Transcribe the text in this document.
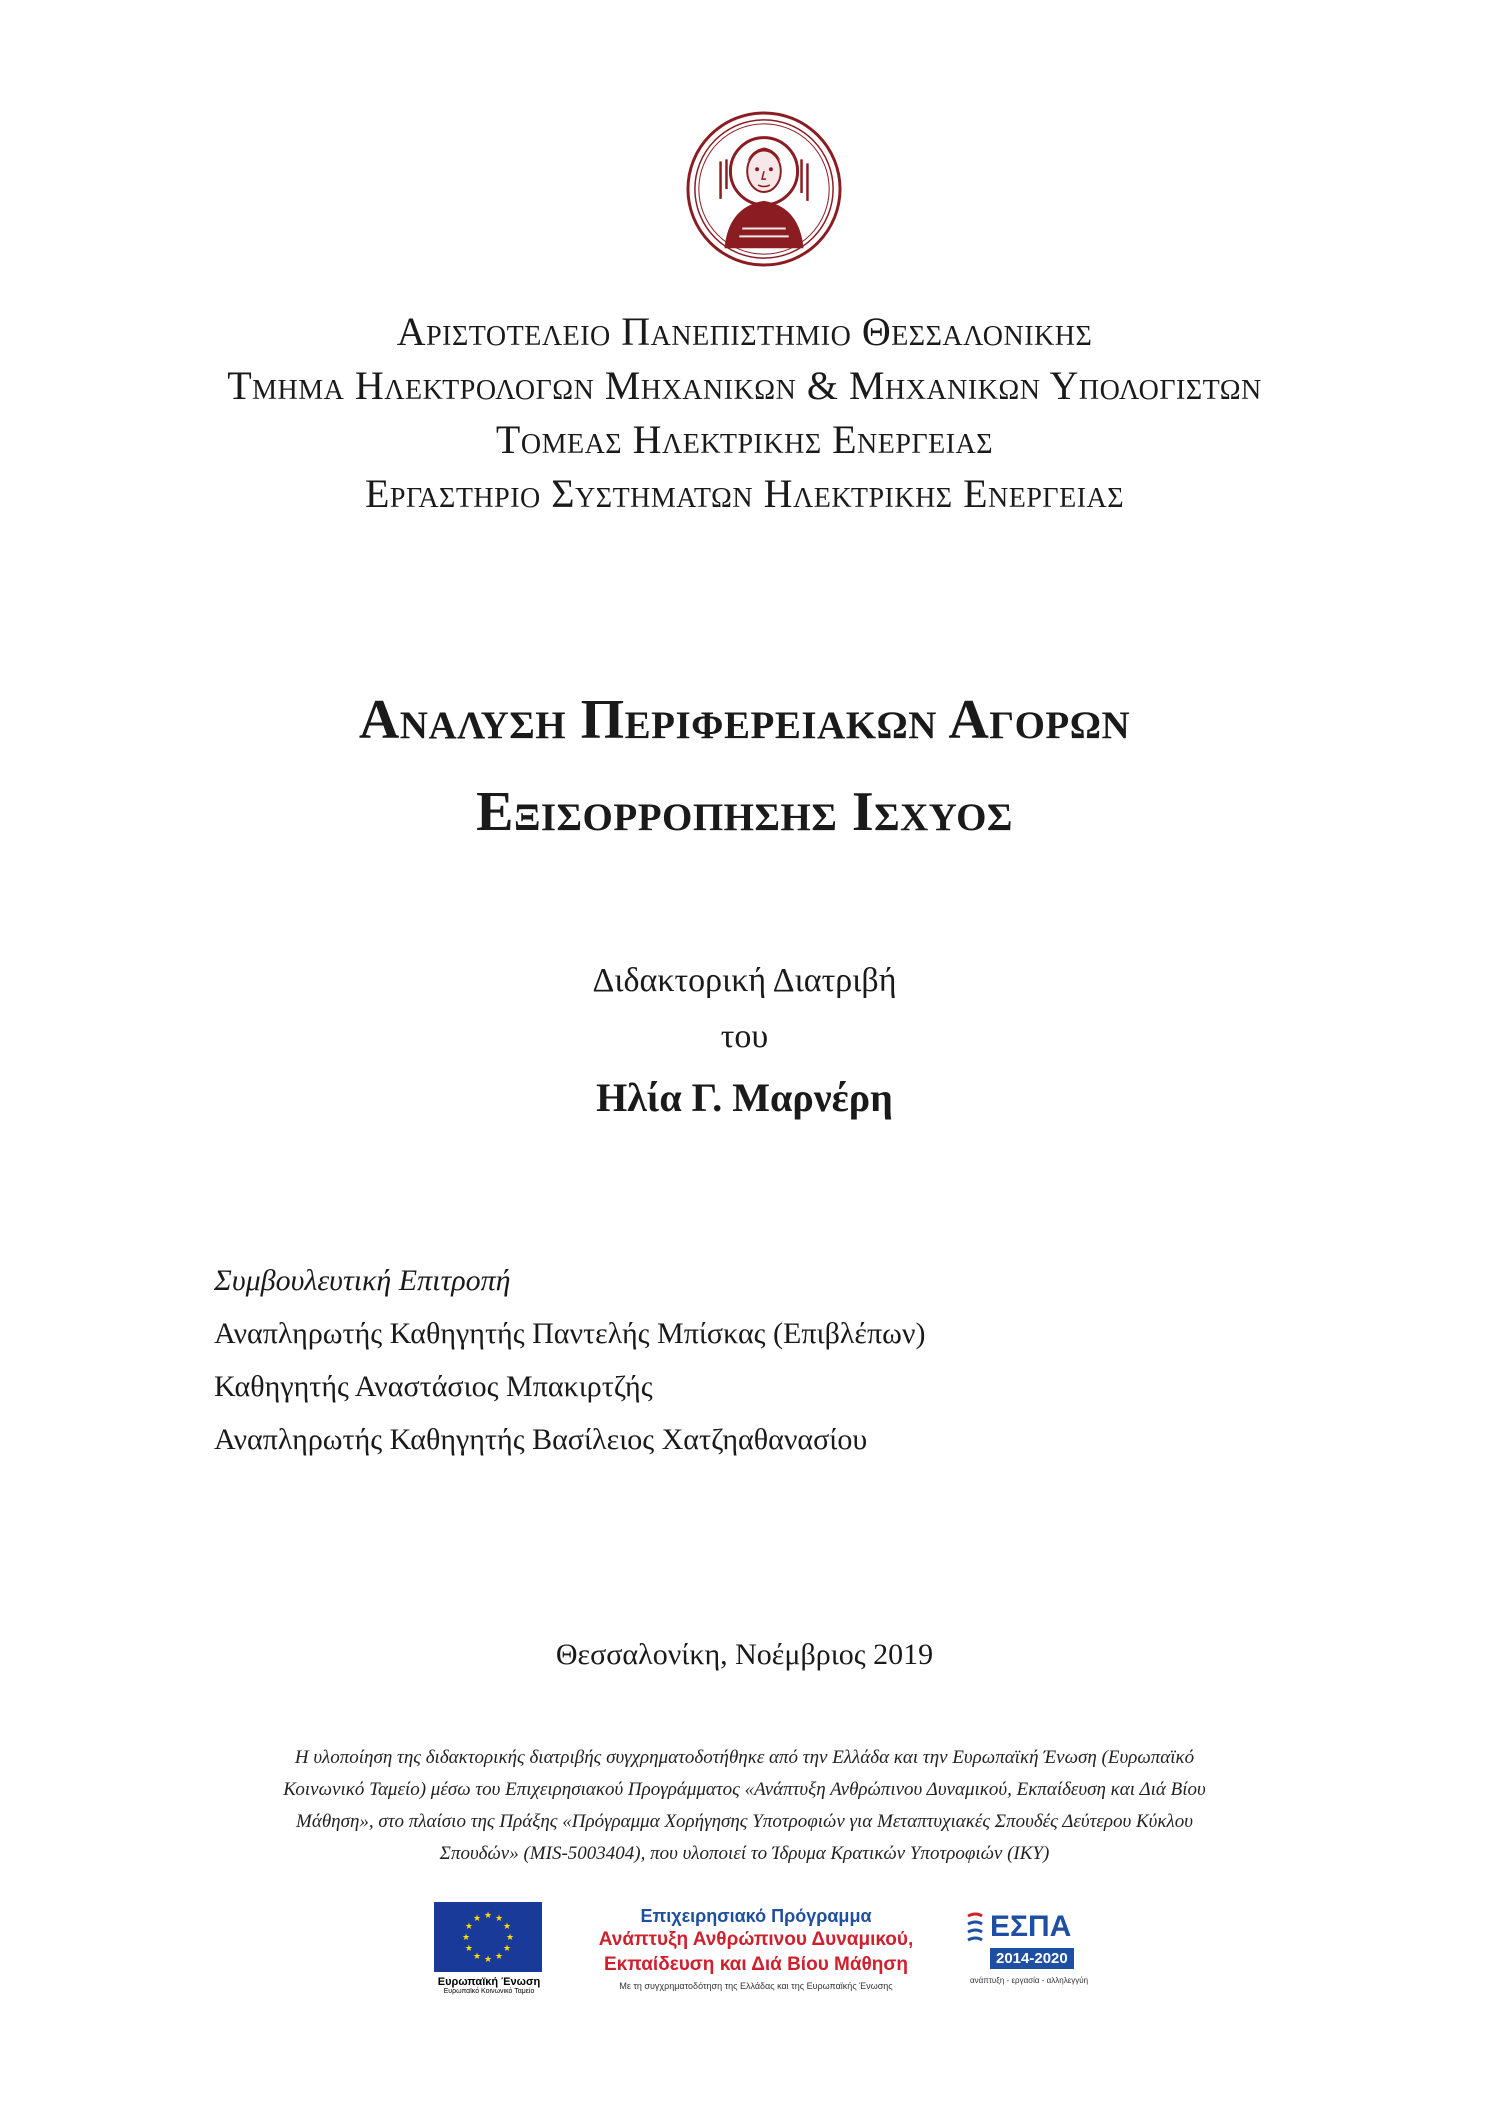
Αριστοτελειο Πανεπιστημιο Θεσσαλονικης
Τμημα Ηλεκτρολογων Μηχανικων & Μηχανικων Υπολογιστων
Τομεας Ηλεκτρικης Ενεργειας
Εργαστηριο Συστηματων Ηλεκτρικης Ενεργειας
Αναλυση Περιφερειακων Αγορων
Εξισορροπησης Ισχυος
Διδακτορική Διατριβή
του
Ηλία Γ. Μαρνέρη
Συμβουλευτική Επιτροπή
Αναπληρωτής Καθηγητής Παντελής Μπίσκας (Επιβλέπων)
Καθηγητής Αναστάσιος Μπακιρτζής
Αναπληρωτής Καθηγητής Βασίλειος Χατζηαθανασίου
Θεσσαλονίκη, Νοέμβριος 2019
Η υλοποίηση της διδακτορικής διατριβής συγχρηματοδοτήθηκε από την Ελλάδα και την Ευρωπαϊκή Ένωση (Ευρωπαϊκό
Κοινωνικό Ταμείο) μέσω του Επιχειρησιακού Προγράμματος «Ανάπτυξη Ανθρώπινου Δυναμικού, Εκπαίδευση και Διά Βίου
Μάθηση», στο πλαίσιο της Πράξης «Πρόγραμμα Χορήγησης Υποτροφιών για Μεταπτυχιακές Σπουδές Δεύτερου Κύκλου
Σπουδών» (MIS-5003404), που υλοποιεί το Ίδρυμα Κρατικών Υποτροφιών (ΙΚΥ)
★ ★
★
★
★
★
★
★
★
★
★
★
Ευρωπαϊκή Ένωση
Ευρωπαϊκό Κοινωνικό Ταμείο
Επιχειρησιακό Πρόγραμμα
Ανάπτυξη Ανθρώπινου Δυναμικού,
Εκπαίδευση και Διά Βίου Μάθηση
Με τη συγχρηματοδότηση της Ελλάδας και της Ευρωπαϊκής Ένωσης
ΕΣΠΑ
2014-2020
ανάπτυξη - εργασία - αλληλεγγύη
